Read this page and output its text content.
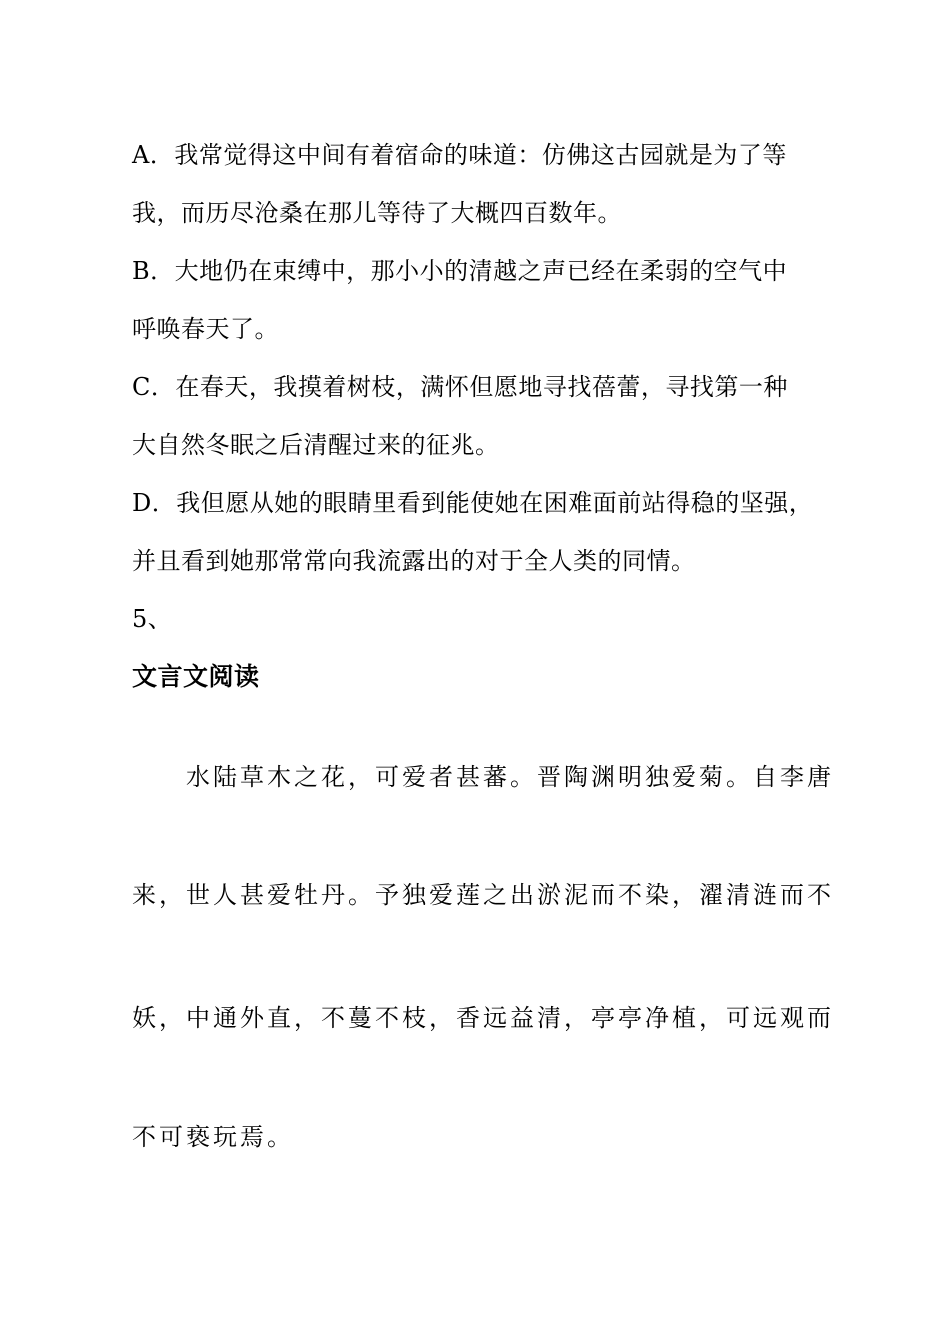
A．我常觉得这中间有着宿命的味道：仿佛这古园就是为了等
我，而历尽沧桑在那儿等待了大概四百数年。
B．大地仍在束缚中，那小小的清越之声已经在柔弱的空气中
呼唤春天了。
C．在春天，我摸着树枝，满怀但愿地寻找蓓蕾，寻找第一种
大自然冬眠之后清醒过来的征兆。
D．我但愿从她的眼睛里看到能使她在困难面前站得稳的坚强，
并且看到她那常常向我流露出的对于全人类的同情。
5、
文言文阅读
水陆草木之花，可爱者甚蕃。晋陶渊明独爱菊。自李唐
来，世人甚爱牡丹。予独爱莲之出淤泥而不染，濯清涟而不
妖，中通外直，不蔓不枝，香远益清，亭亭净植，可远观而
不可亵玩焉。
